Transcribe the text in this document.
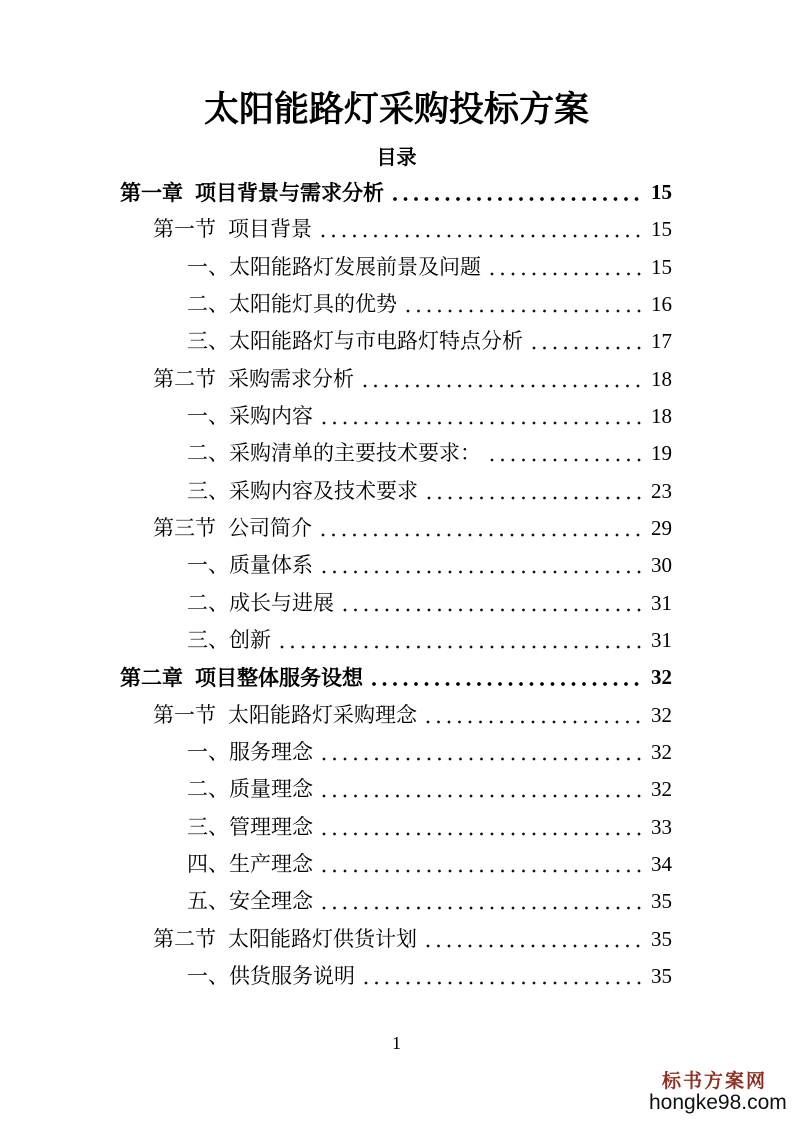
太阳能路灯采购投标方案
目录
第一章 项目背景与需求分析	15
第一节 项目背景	15
一、 太阳能路灯发展前景及问题	15
二、 太阳能灯具的优势	16
三、 太阳能路灯与市电路灯特点分析	17
第二节 采购需求分析	18
一、 采购内容	18
二、 采购清单的主要技术要求：	19
三、 采购内容及技术要求	23
第三节 公司简介	29
一、 质量体系	30
二、 成长与进展	31
三、 创新	31
第二章 项目整体服务设想	32
第一节 太阳能路灯采购理念	32
一、 服务理念	32
二、 质量理念	32
三、 管理理念	33
四、 生产理念	34
五、 安全理念	35
第二节 太阳能路灯供货计划	35
一、 供货服务说明	35
1
标书方案网
hongke98.com
